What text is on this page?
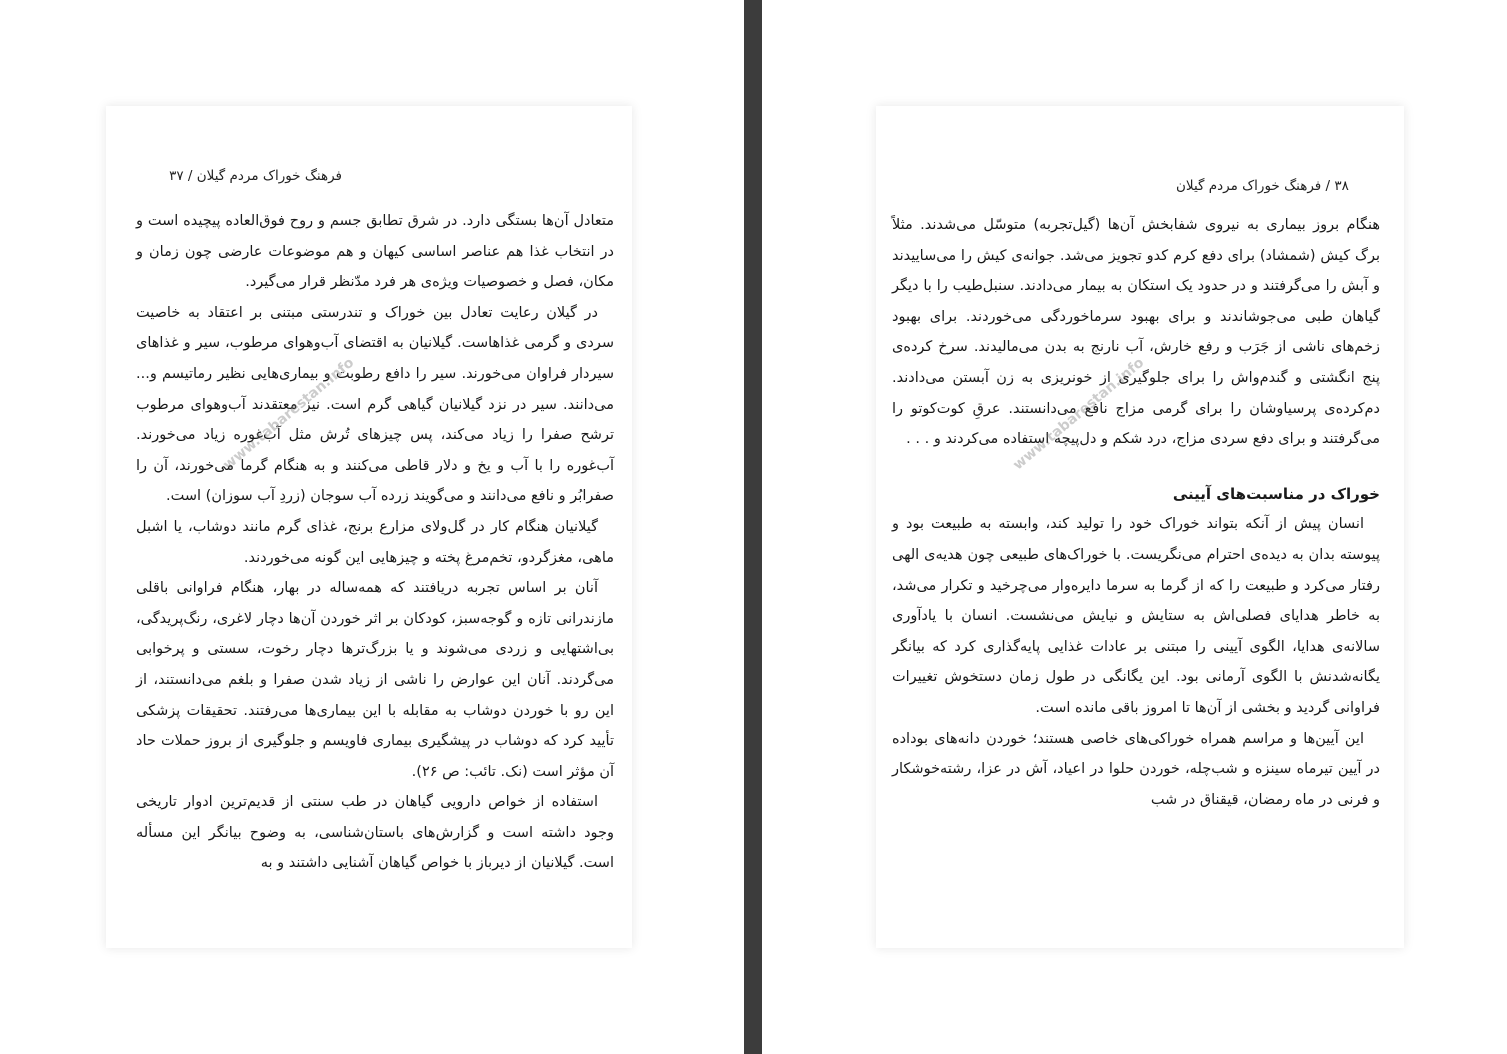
فرهنگ خوراک مردم گیلان / ۳۷

متعادل آن‌ها بستگی دارد. در شرق تطابق جسم و روح فوق‌العاده پیچیده است و در انتخاب غذا هم عناصر اساسی کیهان و هم موضوعات عارضی چون زمان و مکان، فصل و خصوصیات ویژه‌ی هر فرد مدّنظر قرار می‌گیرد.

در گیلان رعایت تعادل بین خوراک و تندرستی مبتنی بر اعتقاد به خاصیت سردی و گرمی غذاهاست. گیلانیان به اقتضای آب‌وهوای مرطوب، سیر و غذاهای سیردار فراوان می‌خورند. سیر را دافع رطوبت و بیماری‌هایی نظیر رماتیسم و... می‌دانند. سیر در نزد گیلانیان گیاهی گرم است. نیز معتقدند آب‌وهوای مرطوب ترشح صفرا را زیاد می‌کند، پس چیزهای تُرش مثل آب‌غوره زیاد می‌خورند. آب‌غوره را با آب و یخ و دلار قاطی می‌کنند و به هنگام گرما می‌خورند، آن را صفرابُر و نافع می‌دانند و می‌گویند زرده آب سوجان (زردِ آب سوزان) است.

گیلانیان هنگام کار در گل‌ولای مزارع برنج، غذای گرم مانند دوشاب، یا اشبل ماهی، مغزگردو، تخم‌مرغ پخته و چیزهایی این گونه می‌خوردند.

آنان بر اساس تجربه دریافتند که همه‌ساله در بهار، هنگام فراوانی باقلی مازندرانی تازه و گوجه‌سبز، کودکان بر اثر خوردن آن‌ها دچار لاغری، رنگ‌پریدگی، بی‌اشتهایی و زردی می‌شوند و یا بزرگ‌ترها دچار رخوت، سستی و پرخوابی می‌گردند. آنان این عوارض را ناشی از زیاد شدن صفرا و بلغم می‌دانستند، از این رو با خوردن دوشاب به مقابله با این بیماری‌ها می‌رفتند. تحقیقات پزشکی تأیید کرد که دوشاب در پیشگیری بیماری فاویسم و جلوگیری از بروز حملات حاد آن مؤثر است (نک. تائب: ص ۲۶).

استفاده از خواص دارویی گیاهان در طب سنتی از قدیم‌ترین ادوار تاریخی وجود داشته است و گزارش‌های باستان‌شناسی، به وضوح بیانگر این مسأله است. گیلانیان از دیرباز با خواص گیاهان آشنایی داشتند و به

www.tabarestan.info
۳۸ / فرهنگ خوراک مردم گیلان

هنگام بروز بیماری به نیروی شفابخش آن‌ها (گیل‌تجربه) متوسّل می‌شدند. مثلاً برگ کیش (شمشاد) برای دفع کرم کدو تجویز می‌شد. جوانه‌ی کیش را می‌ساییدند و آبش را می‌گرفتند و در حدود یک استکان به بیمار می‌دادند. سنبل‌طیب را با دیگر گیاهان طبی می‌جوشاندند و برای بهبود سرماخوردگی می‌خوردند. برای بهبود زخم‌های ناشی از جَرَب و رفع خارش، آب نارنج به بدن می‌مالیدند. سرخ کرده‌ی پنج انگشتی و گندم‌واش را برای جلوگیری از خونریزی به زن آبستن می‌دادند. دم‌کرده‌ی پرسیاوشان را برای گرمی مزاج نافع می‌دانستند. عرقِ کوت‌کوتو را می‌گرفتند و برای دفع سردی مزاج، درد شکم و دل‌پیچه استفاده می‌کردند و . . .

خوراک در مناسبت‌های آیینی

انسان پیش از آنکه بتواند خوراک خود را تولید کند، وابسته به طبیعت بود و پیوسته بدان به دیده‌ی احترام می‌نگریست. با خوراک‌های طبیعی چون هدیه‌ی الهی رفتار می‌کرد و طبیعت را که از گرما به سرما دایره‌وار می‌چرخید و تکرار می‌شد، به خاطر هدایای فصلی‌اش به ستایش و نیایش می‌نشست. انسان با یادآوری سالانه‌ی هدایا، الگوی آیینی را مبتنی بر عادات غذایی پایه‌گذاری کرد که بیانگر یگانه‌شدنش با الگوی آرمانی بود. این یگانگی در طول زمان دستخوش تغییرات فراوانی گردید و بخشی از آن‌ها تا امروز باقی مانده است.

این آیین‌ها و مراسم همراه خوراکی‌های خاصی هستند؛ خوردن دانه‌های بوداده در آیین تیرماه سینزه و شب‌چله، خوردن حلوا در اعیاد، آش در عزا، رشته‌خوشکار و فرنی در ماه رمضان، قیقناق در شب

www.tabarestan.info
